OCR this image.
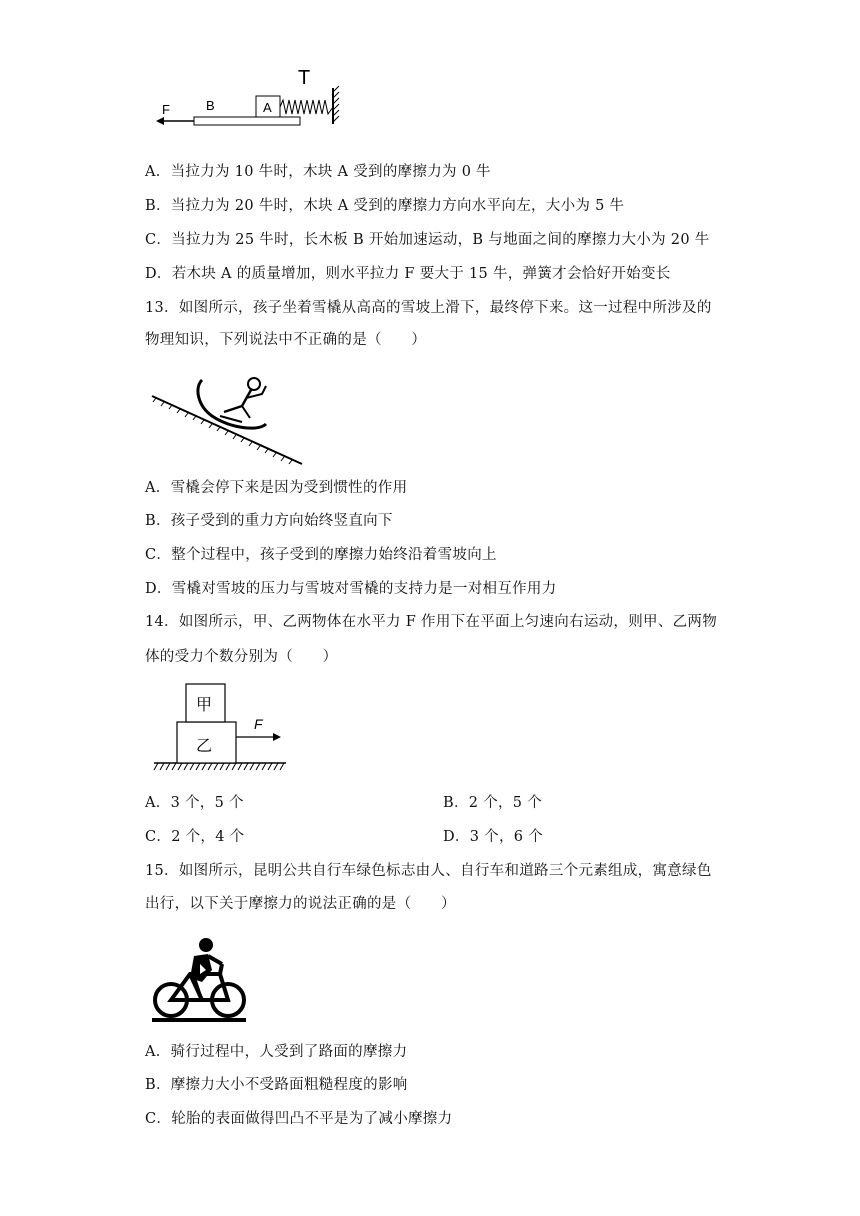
T
A
B
F
A．当拉力为 10 牛时，木块 A 受到的摩擦力为 0 牛
B．当拉力为 20 牛时，木块 A 受到的摩擦力方向水平向左，大小为 5 牛
C．当拉力为 25 牛时，长木板 B 开始加速运动，B 与地面之间的摩擦力大小为 20 牛
D．若木块 A 的质量增加，则水平拉力 F 要大于 15 牛，弹簧才会恰好开始变长
13．如图所示，孩子坐着雪橇从高高的雪坡上滑下，最终停下来。这一过程中所涉及的
物理知识，下列说法中不正确的是（　　）
A．雪橇会停下来是因为受到惯性的作用
B．孩子受到的重力方向始终竖直向下
C．整个过程中，孩子受到的摩擦力始终沿着雪坡向上
D．雪橇对雪坡的压力与雪坡对雪橇的支持力是一对相互作用力
14．如图所示，甲、乙两物体在水平力 F 作用下在平面上匀速向右运动，则甲、乙两物
体的受力个数分别为（　　）
甲
乙
F
A．3 个，5 个	B．2 个，5 个
C．2 个，4 个	D．3 个，6 个
15．如图所示，昆明公共自行车绿色标志由人、自行车和道路三个元素组成，寓意绿色
出行，以下关于摩擦力的说法正确的是（　　）
A．骑行过程中，人受到了路面的摩擦力
B．摩擦力大小不受路面粗糙程度的影响
C．轮胎的表面做得凹凸不平是为了减小摩擦力
